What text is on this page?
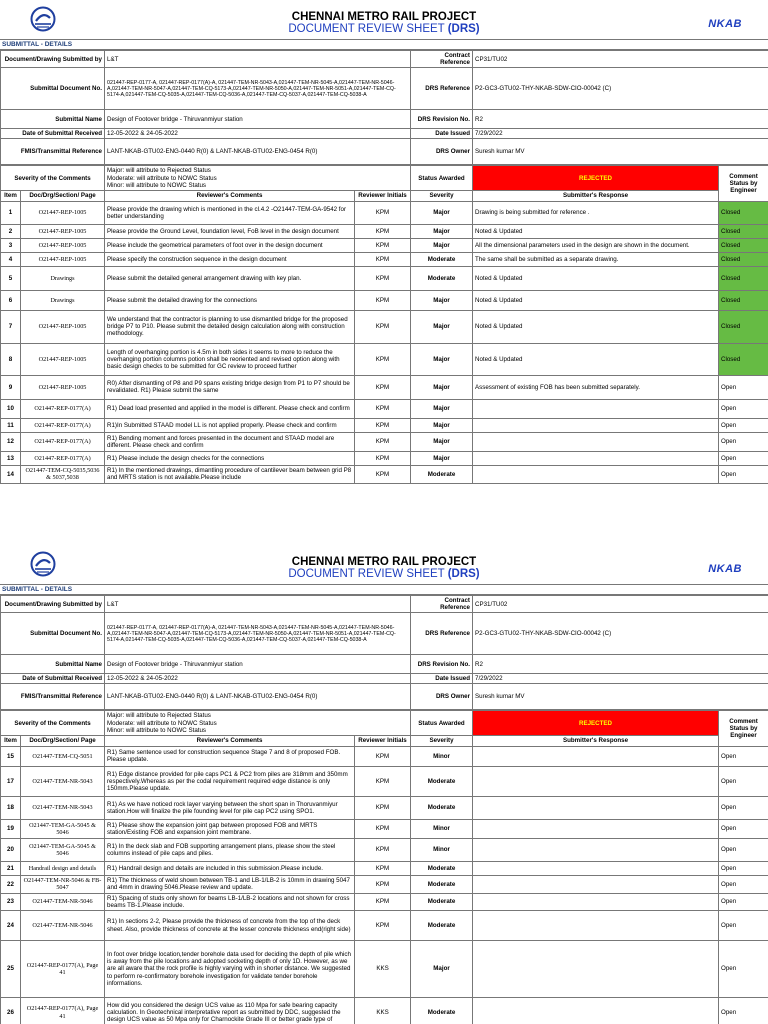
CHENNAI METRO RAIL PROJECT
DOCUMENT REVIEW SHEET (DRS)	NKAB
SUBMITTAL - DETAILS
Document/Drawing Submitted by	L&T	Contract Reference	CP31/TU02
Submittal Document No.	021447-REP-0177-A, 021447-REP-0177(A)-A, 021447-TEM-NR-5043-A,021447-TEM-NR-5045-A,021447-TEM-NR-5046-A,021447-TEM-NR-5047-A,021447-TEM-CQ-5173-A,021447-TEM-NR-5050-A,021447-TEM-NR-5051-A,021447-TEM-CQ-5174-A,021447-TEM-CQ-5035-A,021447-TEM-CQ-5036-A,021447-TEM-CQ-5037-A,021447-TEM-CQ-5038-A	DRS Reference	P2-GC3-GTU02-THY-NKAB-SDW-CIO-00042 (C)
Submittal Name	Design of Footover bridge - Thiruvanmiyur station	DRS Revision No.	R2
Date of Submittal Received	12-05-2022 & 24-05-2022	Date Issued	7/29/2022
FMIS/Transmittal Reference	LANT-NKAB-GTU02-ENG-0440 R(0) & LANT-NKAB-GTU02-ENG-0454 R(0)	DRS Owner	Suresh kumar MV
Severity of the Comments		Major: will attribute to Rejected Status
Moderate: will attribute to NOWC Status
Minor: will attribute to NOWC Status		Status Awarded	REJECTED	Comment Status by Engineer
Item	Doc/Drg/Section/ Page	Reviewer's Comments	Reviewer Initials	Severity	Submitter's Response	
1	O21447-REP-1005	Please provide the drawing which is mentioned in the cl.4.2 -O21447-TEM-GA-9542 for better understanding	KPM	Major	Drawing is being submitted for reference .	Closed
2	O21447-REP-1005	Please provide the Ground Level, foundation level, FoB level in the design document	KPM	Major	Noted & Updated	Closed
3	O21447-REP-1005	Please include the geometrical parameters of foot over in the design document	KPM	Major	All the dimensional parameters used in the design are shown in the document.	Closed
4	O21447-REP-1005	Please specify the construction sequence in the design document	KPM	Moderate	The same shall be submitted as a separate drawing.	Closed
5	Drawings	Please submit the detailed general arrangement drawing with key plan.	KPM	Moderate	Noted & Updated	Closed
6	Drawings	Please submit the detailed drawing for the connections	KPM	Major	Noted & Updated	Closed
7	O21447-REP-1005	We understand that the contractor is planning to use dismantled bridge for the proposed bridge P7 to P10. Please submit the detailed design calculation along with construction methodology.	KPM	Major	Noted & Updated	Closed
8	O21447-REP-1005	Length of overhanging portion is 4.5m in both sides it seems to more to reduce the overhanging portion columns potion shall be reoriented and revised option along with basic design checks to be submitted for GC review to proceed further	KPM	Major	Noted & Updated	Closed
9	O21447-REP-1005	R0) After dismantling of P8 and P9 spans existing bridge design from P1 to P7 should be revalidated. R1) Please submit the same	KPM	Major	Assessment of existing FOB has been submitted separately.	Open
10	O21447-REP-0177(A)	R1) Dead load presented and applied in the model is different. Please check and confirm	KPM	Major		Open
11	O21447-REP-0177(A)	R1)In Submitted STAAD model LL is not applied properly. Please check and confirm	KPM	Major		Open
12	O21447-REP-0177(A)	R1) Bending moment and forces presented in the document and STAAD model are different. Please check and confirm	KPM	Major		Open
13	O21447-REP-0177(A)	R1) Please include the design checks for the connections	KPM	Major		Open
14	O21447-TEM-CQ-5035,5036 & 5037,5038	R1) In the mentioned drawings, dimantling procedure of cantilever beam between grid P8 and MRTS station is not available.Please include	KPM	Moderate		Open
CHENNAI METRO RAIL PROJECT
DOCUMENT REVIEW SHEET (DRS)	NKAB
SUBMITTAL - DETAILS
Document/Drawing Submitted by	L&T	Contract Reference	CP31/TU02
Submittal Document No.	021447-REP-0177-A, 021447-REP-0177(A)-A, 021447-TEM-NR-5043-A,021447-TEM-NR-5045-A,021447-TEM-NR-5046-A,021447-TEM-NR-5047-A,021447-TEM-CQ-5173-A,021447-TEM-NR-5050-A,021447-TEM-NR-5051-A,021447-TEM-CQ-5174-A,021447-TEM-CQ-5035-A,021447-TEM-CQ-5036-A,021447-TEM-CQ-5037-A,021447-TEM-CQ-5038-A	DRS Reference	P2-GC3-GTU02-THY-NKAB-SDW-CIO-00042 (C)
Submittal Name	Design of Footover bridge - Thiruvanmiyur station	DRS Revision No.	R2
Date of Submittal Received	12-05-2022 & 24-05-2022	Date Issued	7/29/2022
FMIS/Transmittal Reference	LANT-NKAB-GTU02-ENG-0440 R(0) & LANT-NKAB-GTU02-ENG-0454 R(0)	DRS Owner	Suresh kumar MV
Severity of the Comments		Major: will attribute to Rejected Status
Moderate: will attribute to NOWC Status
Minor: will attribute to NOWC Status		Status Awarded	REJECTED	Comment Status by Engineer
Item	Doc/Drg/Section/ Page	Reviewer's Comments	Reviewer Initials	Severity	Submitter's Response	
15	O21447-TEM-CQ-5051	R1) Same sentence used for construction sequence Stage 7 and 8 of proposed FOB. Please update.	KPM	Minor		Open
17	O21447-TEM-NR-5043	R1) Edge distance provided for pile caps PC1 & PC2 from piles are 318mm and 350mm respectively.Whereas as per the codal requirement required edge distance is only 150mm.Please update.	KPM	Moderate		Open
18	O21447-TEM-NR-5043	R1) As we have noticed rock layer varying between the short span in Thoruvanmiyur station.How will finalize the pile founding level for pile cap PC2 using SPO1.	KPM	Moderate		Open
19	O21447-TEM-GA-5045 & 5046	R1) Please show the expansion joint gap between proposed FOB and MRTS station/Existing FOB and expansion joint membrane.	KPM	Minor		Open
20	O21447-TEM-GA-5045 & 5046	R1) In the deck slab and FOB supporting arrangement plans, please show the steel columns instead of pile caps and piles.	KPM	Minor		Open
21	Handrail design and details	R1) Handrail design and details are included in this submission.Please include.	KPM	Moderate		Open
22	O21447-TEM-NR-5046 & FB-5047	R1) The thickness of weld shown between TB-1 and LB-1/LB-2 is 10mm in drawing 5047 and 4mm in drawing 5046.Please review and update.	KPM	Moderate		Open
23	O21447-TEM-NR-5046	R1) Spacing of studs only shown for beams LB-1/LB-2 locations and not shown for cross beams TB-1.Please include.	KPM	Moderate		Open
24	O21447-TEM-NR-5046	R1) In sections 2-2, Please provide the thickness of concrete from the top of the deck sheet. Also, provide thickness of concrete at the lesser concrete thickness end(right side)	KPM	Moderate		Open
25	O21447-REP-0177(A), Page 41	In foot over bridge location,tender borehole data used for deciding the depth of pile which is away from the pile locations and adopted socketing depth of only 1D. However, as we are all aware that the rock profile is highly varying with in shorter distance. We suggested to perform re-confirmatory borehole investigation for validate tender borehole informations.	KKS	Major		Open
26	O21447-REP-0177(A), Page 41	How did you considered the design UCS value as 110 Mpa for safe bearing capacity calculation. In Geotechnical interpretative report as submitted by DDC, suggested the design UCS value as 50 Mpa only for Charnockite Grade III or better grade type of	KKS	Moderate		Open
